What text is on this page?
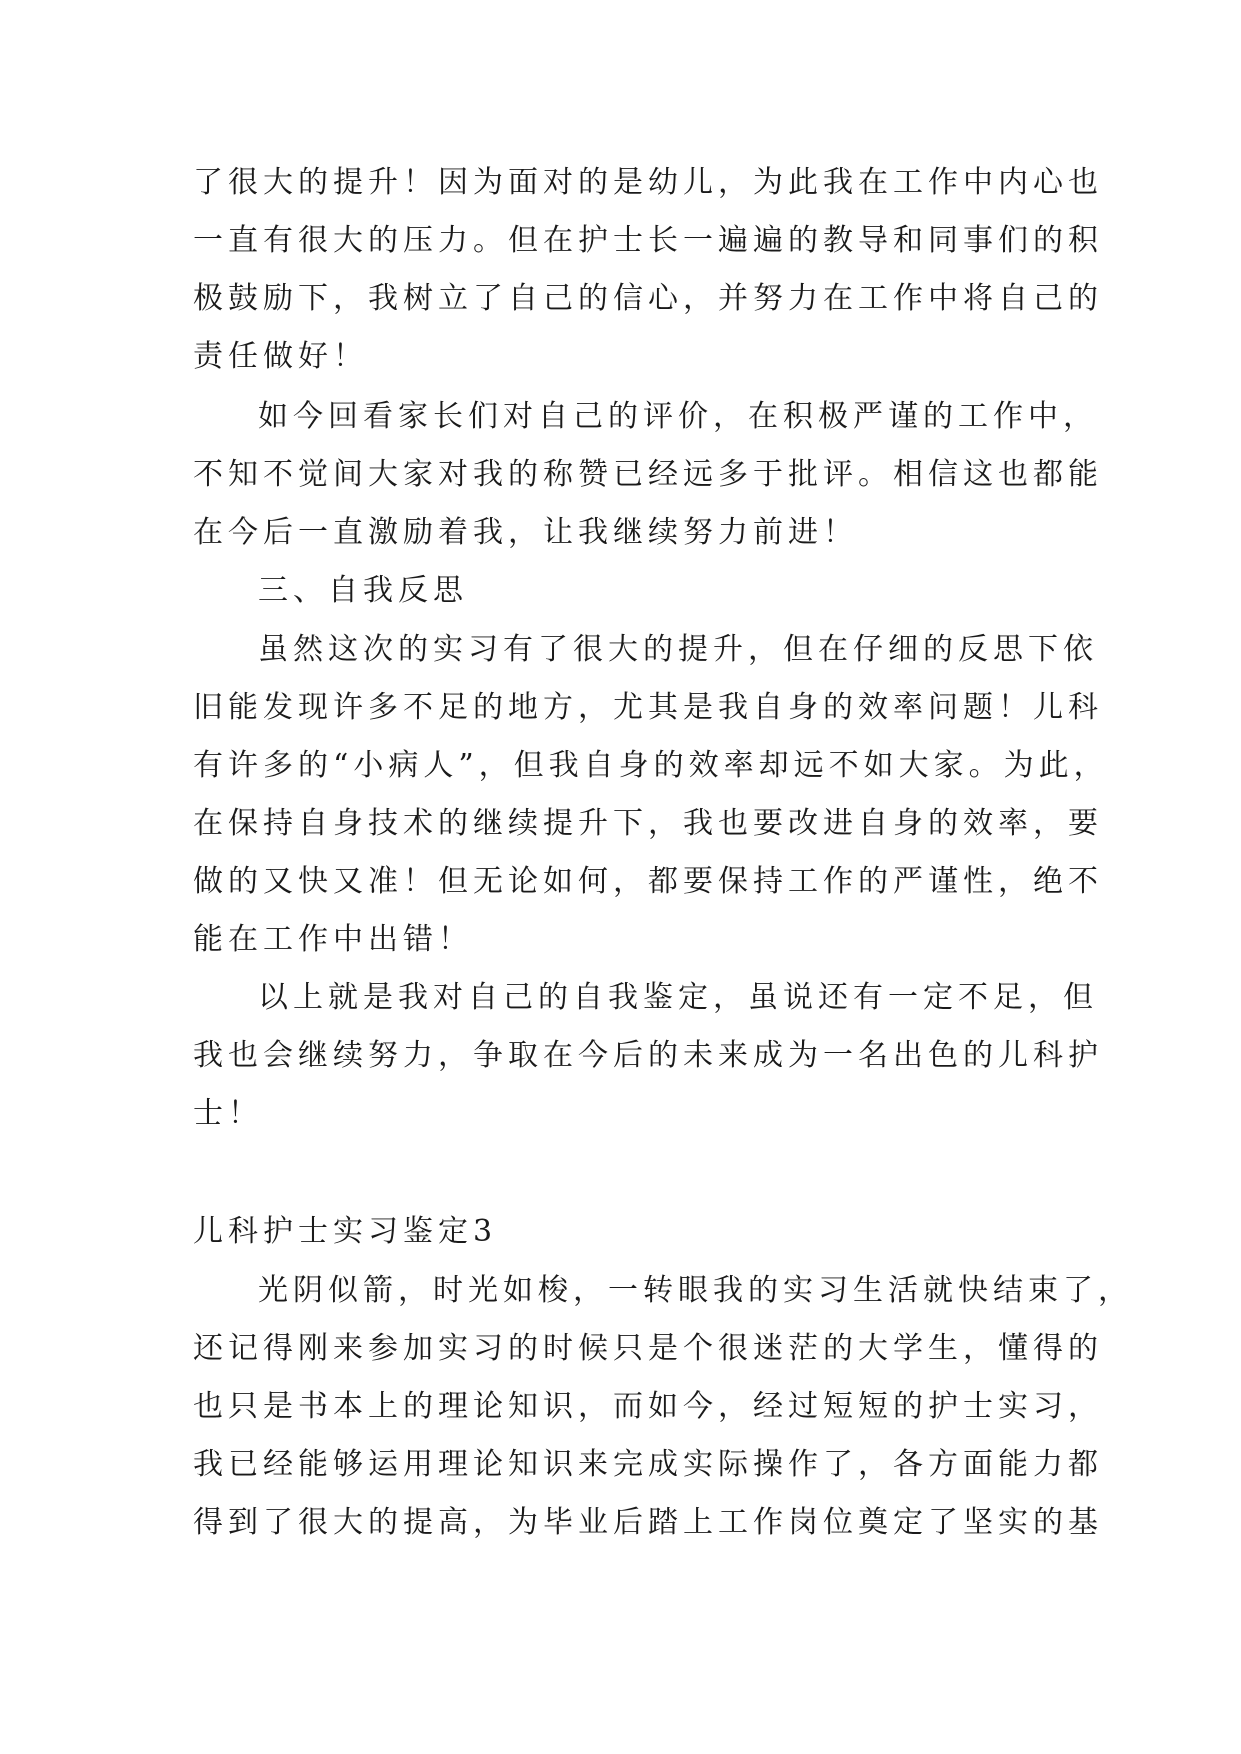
了很大的提升！因为面对的是幼儿，为此我在工作中内心也
一直有很大的压力。但在护士长一遍遍的教导和同事们的积
极鼓励下，我树立了自己的信心，并努力在工作中将自己的
责任做好！
如今回看家长们对自己的评价，在积极严谨的工作中，
不知不觉间大家对我的称赞已经远多于批评。相信这也都能
在今后一直激励着我，让我继续努力前进！
三、自我反思
虽然这次的实习有了很大的提升，但在仔细的反思下依
旧能发现许多不足的地方，尤其是我自身的效率问题！儿科
有许多的“小病人”，但我自身的效率却远不如大家。为此，
在保持自身技术的继续提升下，我也要改进自身的效率，要
做的又快又准！但无论如何，都要保持工作的严谨性，绝不
能在工作中出错！
以上就是我对自己的自我鉴定，虽说还有一定不足，但
我也会继续努力，争取在今后的未来成为一名出色的儿科护
士！
儿科护士实习鉴定3
光阴似箭，时光如梭，一转眼我的实习生活就快结束了，
还记得刚来参加实习的时候只是个很迷茫的大学生，懂得的
也只是书本上的理论知识，而如今，经过短短的护士实习，
我已经能够运用理论知识来完成实际操作了，各方面能力都
得到了很大的提高，为毕业后踏上工作岗位奠定了坚实的基
